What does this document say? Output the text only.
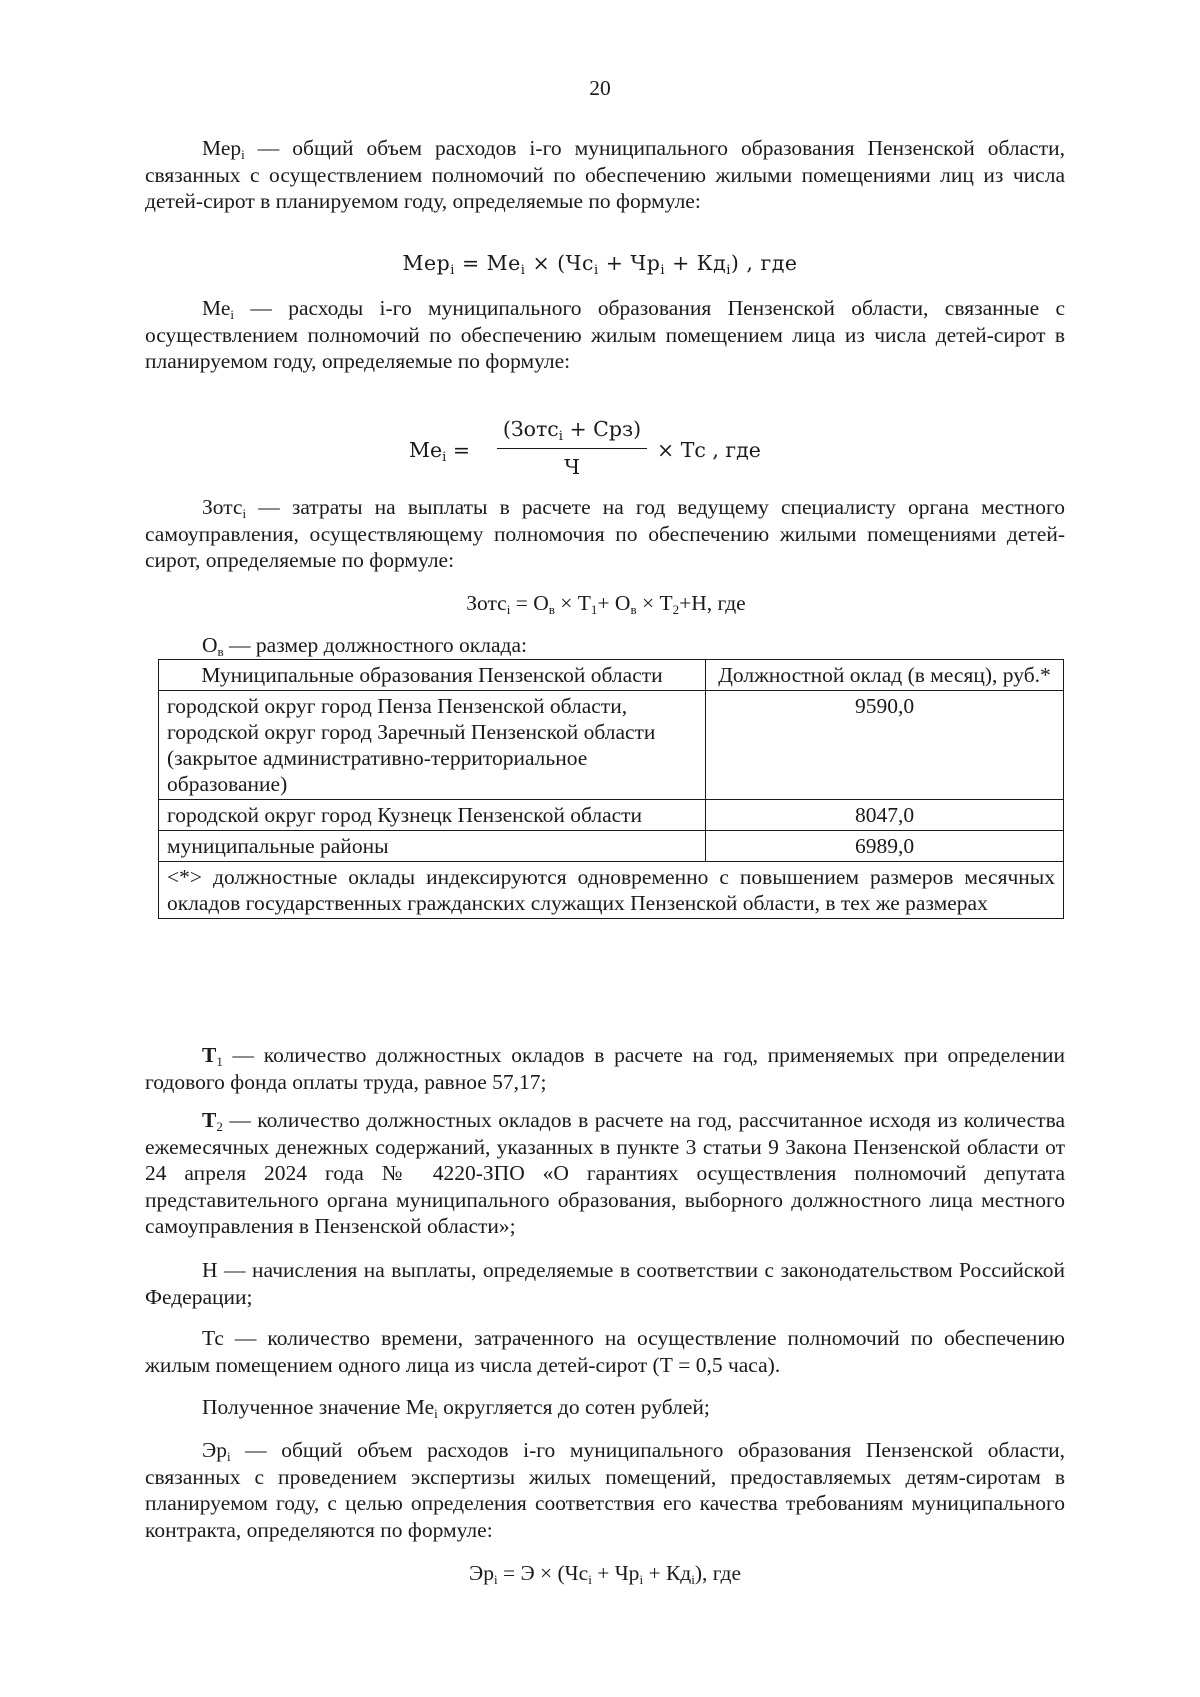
20
Мер$_i$ — общий объем расходов i-го муниципального образования Пензенской области, связанных с осуществлением полномочий по обеспечению жилыми помещениями лиц из числа детей-сирот в планируемом году, определяемые по формуле:
$Мер_i = Ме_i \times (Чс_i + Чр_i + Кд_i)$ , где
$Ме_i$ — расходы i-го муниципального образования Пензенской области, связанные с осуществлением полномочий по обеспечению жилым помещением лица из числа детей-сирот в планируемом году, определяемые по формуле:
$Ме_i$ =
(Зотс$_i$ + Срз)
Ч
× Тс , где
Зотс$_i$ — затраты на выплаты в расчете на год ведущему специалисту органа местного самоуправления, осуществляющему полномочия по обеспечению жилыми помещениями детей-сирот, определяемые по формуле:
Зотс$_i$ = $О_в \times Т_1+ О_в \times Т_2+Н$, где
$О_в$ — размер должностного оклада:
Муниципальные образования Пензенской области	Должностной оклад (в месяц), руб.*
городской округ город Пенза Пензенской области, городской округ город Заречный Пензенской области (закрытое административно-территориальное образование)	9590,0
городской округ город Кузнецк Пензенской области	8047,0
муниципальные районы	6989,0
<*> должностные оклады индексируются одновременно с повышением размеров месячных окладов государственных гражданских служащих Пензенской области, в тех же размерах	
$Т_1$ — количество должностных окладов в расчете на год, применяемых при определении годового фонда оплаты труда, равное 57,17;
$Т_2$ — количество должностных окладов в расчете на год, рассчитанное исходя из количества ежемесячных денежных содержаний, указанных в пункте 3 статьи 9 Закона Пензенской области от 24 апреля 2024 года № 4220-ЗПО «О гарантиях осуществления полномочий депутата представительного органа муниципального образования, выборного должностного лица местного самоуправления в Пензенской области»;
Н — начисления на выплаты, определяемые в соответствии с законодательством Российской Федерации;
Тс — количество времени, затраченного на осуществление полномочий по обеспечению жилым помещением одного лица из числа детей-сирот (Т = 0,5 часа).
Полученное значение $Ме_i$ округляется до сотен рублей;
$Эр_i$ — общий объем расходов i-го муниципального образования Пензенской области, связанных с проведением экспертизы жилых помещений, предоставляемых детям-сиротам в планируемом году, с целью определения соответствия его качества требованиям муниципального контракта, определяются по формуле:
$Эр_i = Э \times (Чс_i + Чр_i + Кд_i)$, где
